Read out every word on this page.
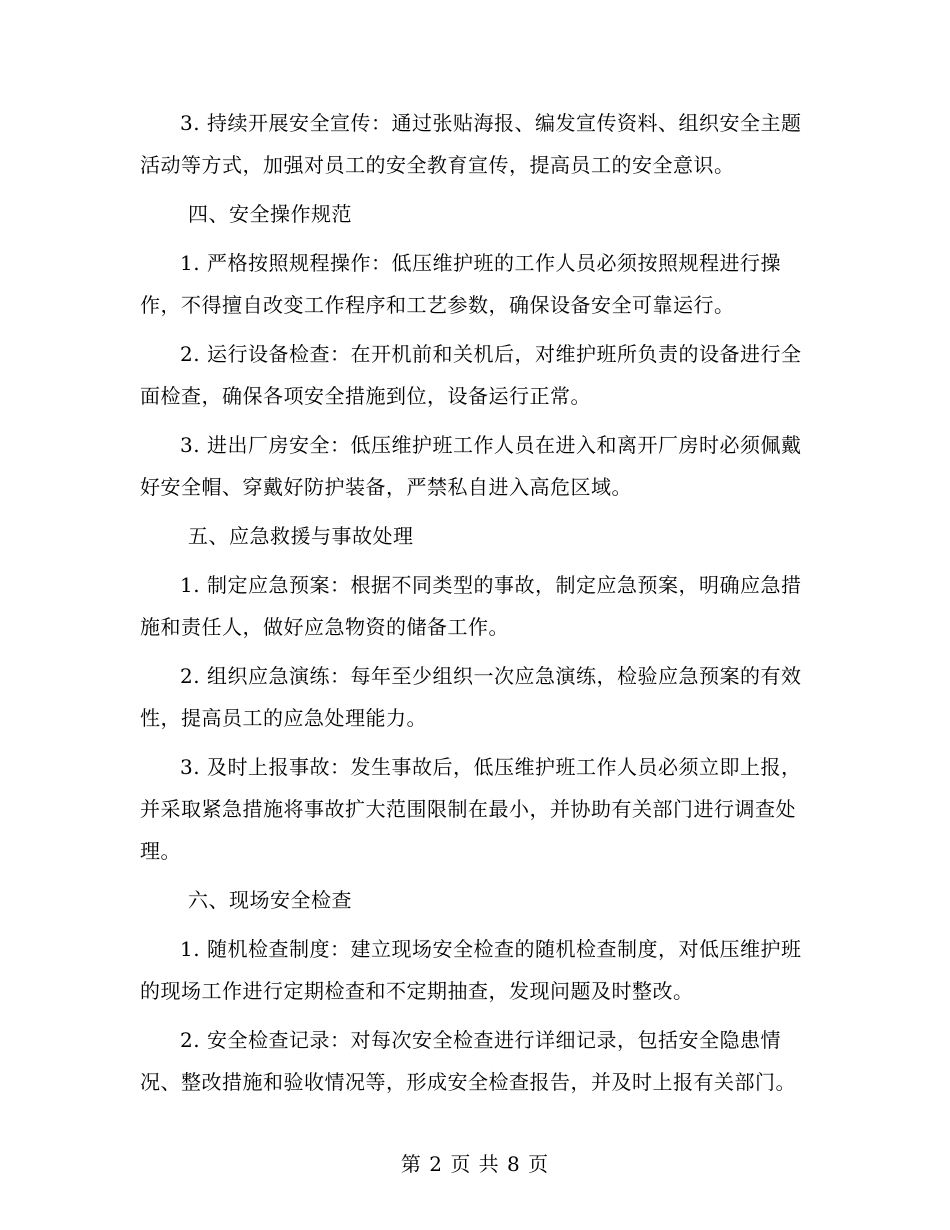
3. 持续开展安全宣传：通过张贴海报、编发宣传资料、组织安全主题活动等方式，加强对员工的安全教育宣传，提高员工的安全意识。

四、安全操作规范

1. 严格按照规程操作：低压维护班的工作人员必须按照规程进行操作，不得擅自改变工作程序和工艺参数，确保设备安全可靠运行。

2. 运行设备检查：在开机前和关机后，对维护班所负责的设备进行全面检查，确保各项安全措施到位，设备运行正常。

3. 进出厂房安全：低压维护班工作人员在进入和离开厂房时必须佩戴好安全帽、穿戴好防护装备，严禁私自进入高危区域。

五、应急救援与事故处理

1. 制定应急预案：根据不同类型的事故，制定应急预案，明确应急措施和责任人，做好应急物资的储备工作。

2. 组织应急演练：每年至少组织一次应急演练，检验应急预案的有效性，提高员工的应急处理能力。

3. 及时上报事故：发生事故后，低压维护班工作人员必须立即上报，并采取紧急措施将事故扩大范围限制在最小，并协助有关部门进行调查处理。

六、现场安全检查

1. 随机检查制度：建立现场安全检查的随机检查制度，对低压维护班的现场工作进行定期检查和不定期抽查，发现问题及时整改。

2. 安全检查记录：对每次安全检查进行详细记录，包括安全隐患情况、整改措施和验收情况等，形成安全检查报告，并及时上报有关部门。

第 2 页 共 8 页
